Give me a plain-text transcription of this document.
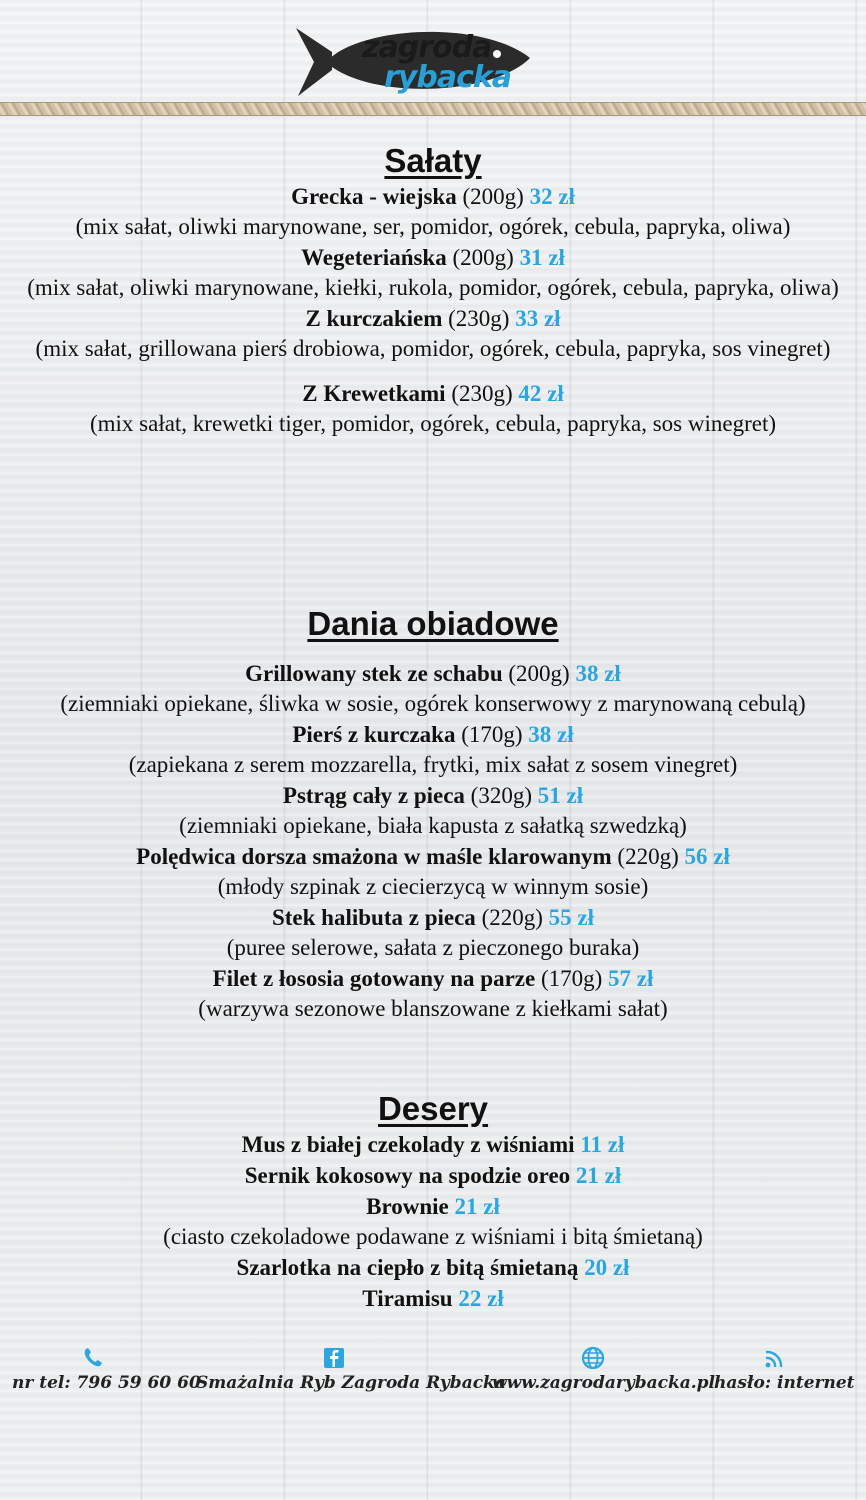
zagroda
rybacka
Sałaty

Grecka - wiejska (200g) 32 zł

(mix sałat, oliwki marynowane, ser, pomidor, ogórek, cebula, papryka, oliwa)

Wegeteriańska (200g) 31 zł

(mix sałat, oliwki marynowane, kiełki, rukola, pomidor, ogórek, cebula, papryka, oliwa)

Z kurczakiem (230g) 33 zł

(mix sałat, grillowana pierś drobiowa, pomidor, ogórek, cebula, papryka, sos vinegret)

Z Krewetkami (230g) 42 zł

(mix sałat, krewetki tiger, pomidor, ogórek, cebula, papryka, sos winegret)

Dania obiadowe

Grillowany stek ze schabu (200g) 38 zł

(ziemniaki opiekane, śliwka w sosie, ogórek konserwowy z marynowaną cebulą)

Pierś z kurczaka (170g) 38 zł

(zapiekana z serem mozzarella, frytki, mix sałat z sosem vinegret)

Pstrąg cały z pieca (320g) 51 zł

(ziemniaki opiekane, biała kapusta z sałatką szwedzką)

Polędwica dorsza smażona w maśle klarowanym (220g) 56 zł

(młody szpinak z ciecierzycą w winnym sosie)

Stek halibuta z pieca (220g) 55 zł

(puree selerowe, sałata z pieczonego buraka)

Filet z łososia gotowany na parze (170g) 57 zł

(warzywa sezonowe blanszowane z kiełkami sałat)

Desery

Mus z białej czekolady z wiśniami 11 zł

Sernik kokosowy na spodzie oreo 21 zł

Brownie 21 zł

(ciasto czekoladowe podawane z wiśniami i bitą śmietaną)

Szarlotka na ciepło z bitą śmietaną 20 zł

Tiramisu 22 zł

nr tel: 796 59 60 60
Smażalnia Ryb Zagroda Rybacka
www.zagrodarybacka.pl
hasło: internet
